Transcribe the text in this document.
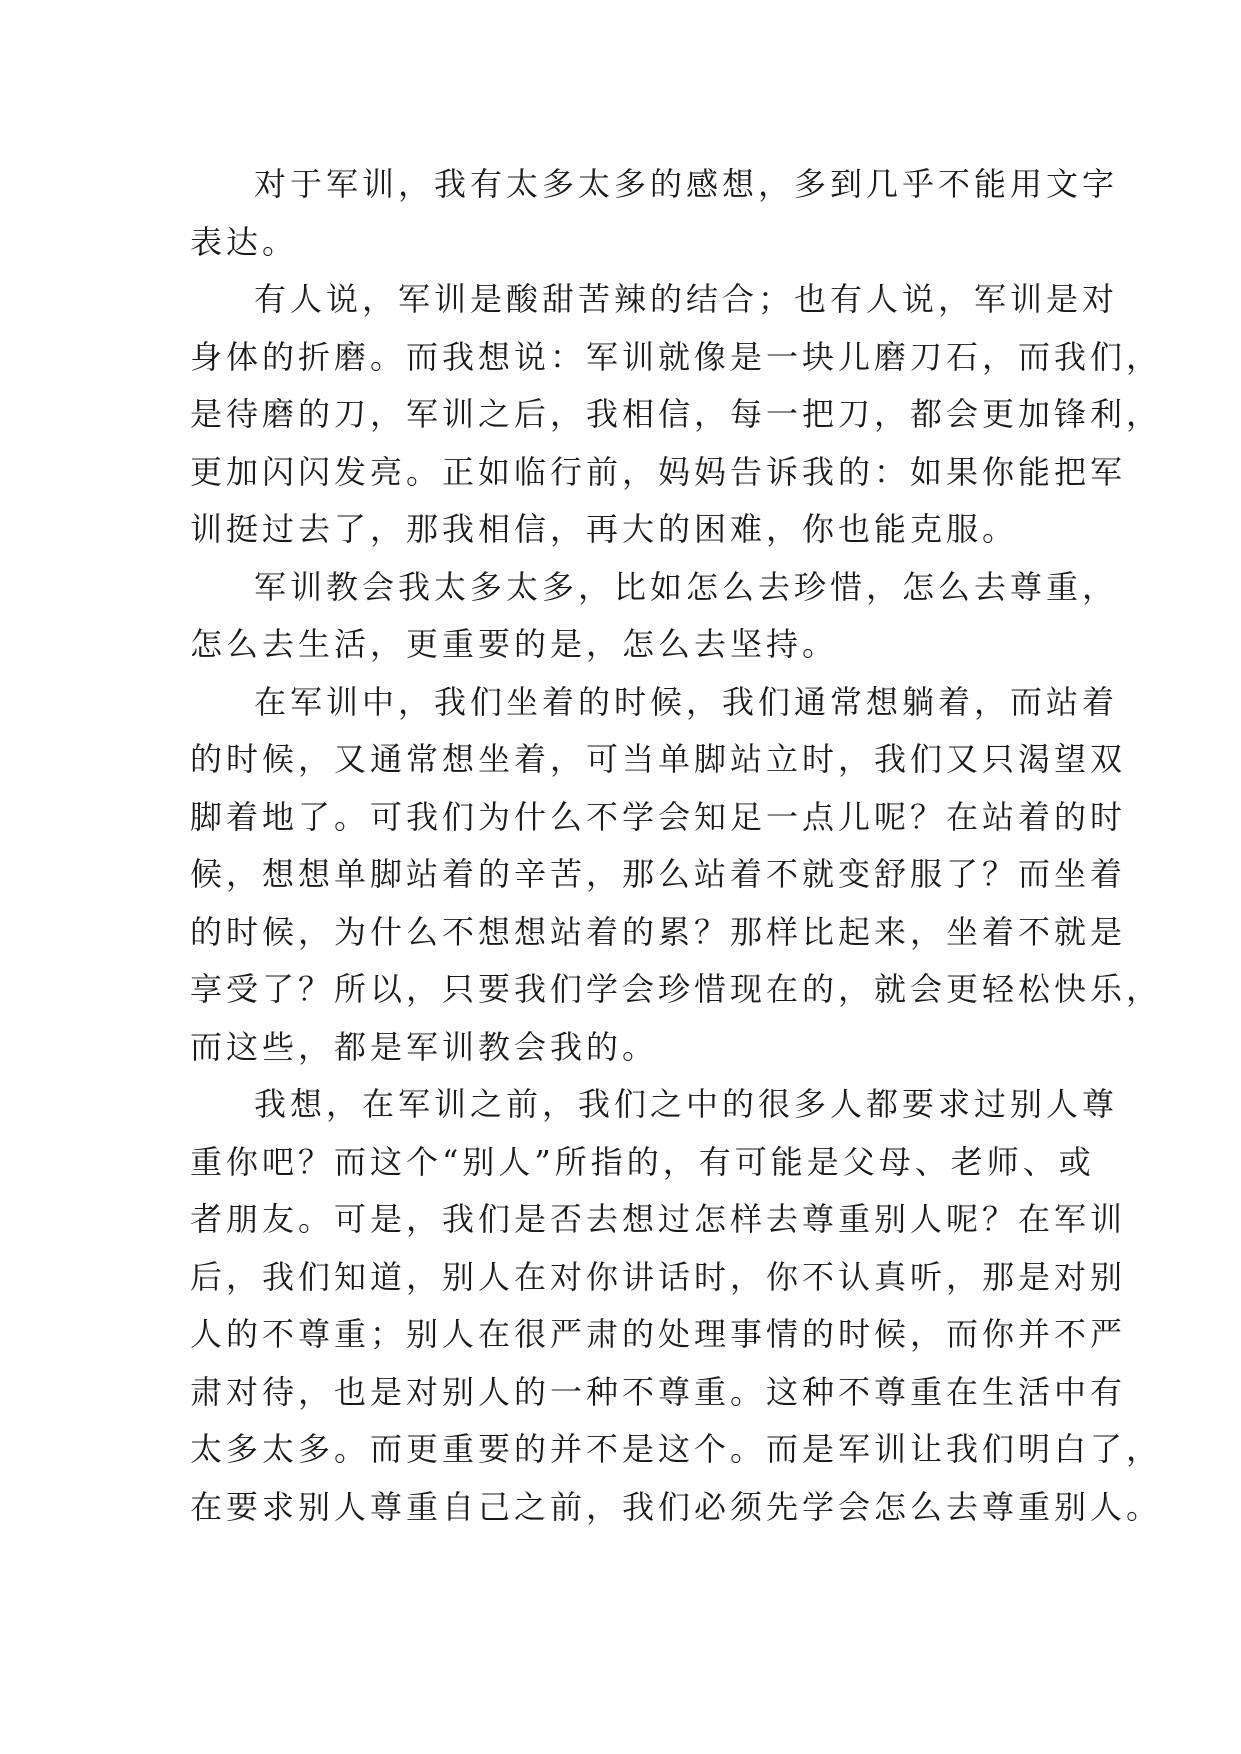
对于军训，我有太多太多的感想，多到几乎不能用文字
表达。

有人说，军训是酸甜苦辣的结合；也有人说，军训是对
身体的折磨。而我想说：军训就像是一块儿磨刀石，而我们，
是待磨的刀，军训之后，我相信，每一把刀，都会更加锋利，
更加闪闪发亮。正如临行前，妈妈告诉我的：如果你能把军
训挺过去了，那我相信，再大的困难，你也能克服。

军训教会我太多太多，比如怎么去珍惜，怎么去尊重，
怎么去生活，更重要的是，怎么去坚持。

在军训中，我们坐着的时候，我们通常想躺着，而站着
的时候，又通常想坐着，可当单脚站立时，我们又只渴望双
脚着地了。可我们为什么不学会知足一点儿呢？在站着的时
候，想想单脚站着的辛苦，那么站着不就变舒服了？而坐着
的时候，为什么不想想站着的累？那样比起来，坐着不就是
享受了？所以，只要我们学会珍惜现在的，就会更轻松快乐，
而这些，都是军训教会我的。

我想，在军训之前，我们之中的很多人都要求过别人尊
重你吧？而这个“别人”所指的，有可能是父母、老师、或
者朋友。可是，我们是否去想过怎样去尊重别人呢？在军训
后，我们知道，别人在对你讲话时，你不认真听，那是对别
人的不尊重；别人在很严肃的处理事情的时候，而你并不严
肃对待，也是对别人的一种不尊重。这种不尊重在生活中有
太多太多。而更重要的并不是这个。而是军训让我们明白了，
在要求别人尊重自己之前，我们必须先学会怎么去尊重别人。
